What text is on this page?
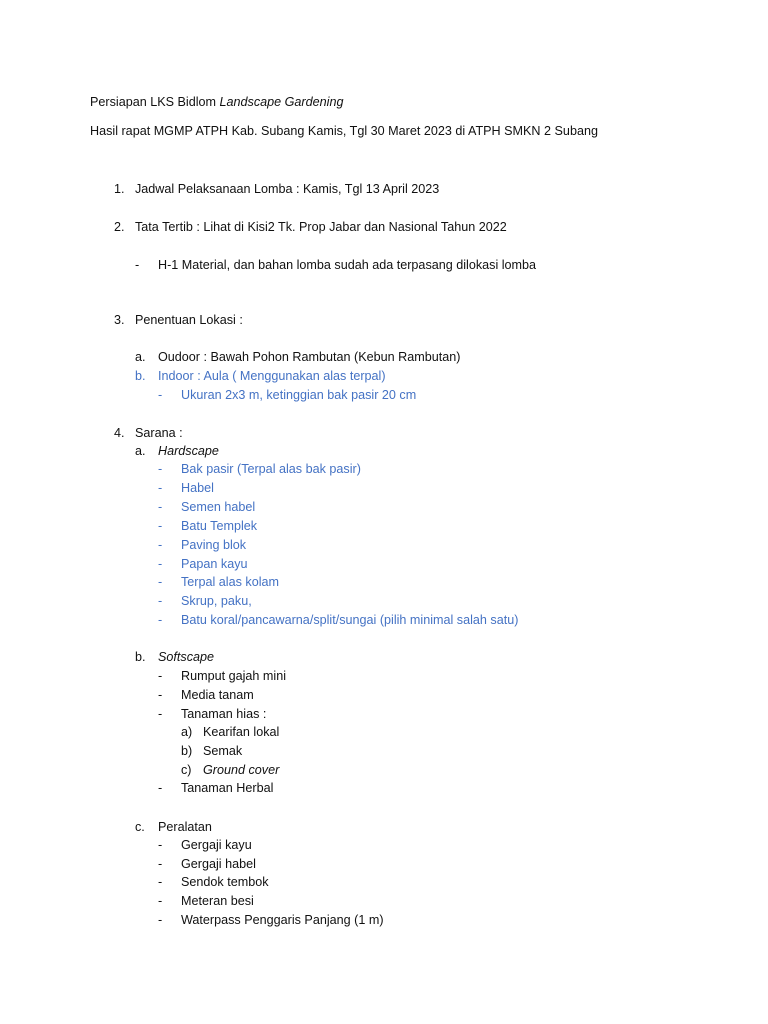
Persiapan LKS Bidlom Landscape Gardening
Hasil rapat MGMP ATPH Kab. Subang Kamis, Tgl 30 Maret 2023 di ATPH SMKN 2 Subang
1. Jadwal Pelaksanaan Lomba : Kamis, Tgl 13 April 2023
2. Tata Tertib : Lihat di Kisi2 Tk. Prop Jabar dan Nasional Tahun 2022
- H-1 Material, dan bahan lomba sudah ada terpasang dilokasi lomba
3. Penentuan Lokasi :
a. Oudoor : Bawah Pohon Rambutan (Kebun Rambutan)
b. Indoor : Aula ( Menggunakan alas terpal)
- Ukuran 2x3 m, ketinggian bak pasir 20 cm
4. Sarana :
a. Hardscape
- Bak pasir (Terpal alas bak pasir)
- Habel
- Semen habel
- Batu Templek
- Paving blok
- Papan kayu
- Terpal alas kolam
- Skrup, paku,
- Batu koral/pancawarna/split/sungai (pilih minimal salah satu)
b. Softscape
- Rumput gajah mini
- Media tanam
- Tanaman hias :
a) Kearifan lokal
b) Semak
c) Ground cover
- Tanaman Herbal
c. Peralatan
- Gergaji kayu
- Gergaji habel
- Sendok tembok
- Meteran besi
- Waterpass Penggaris Panjang (1 m)
